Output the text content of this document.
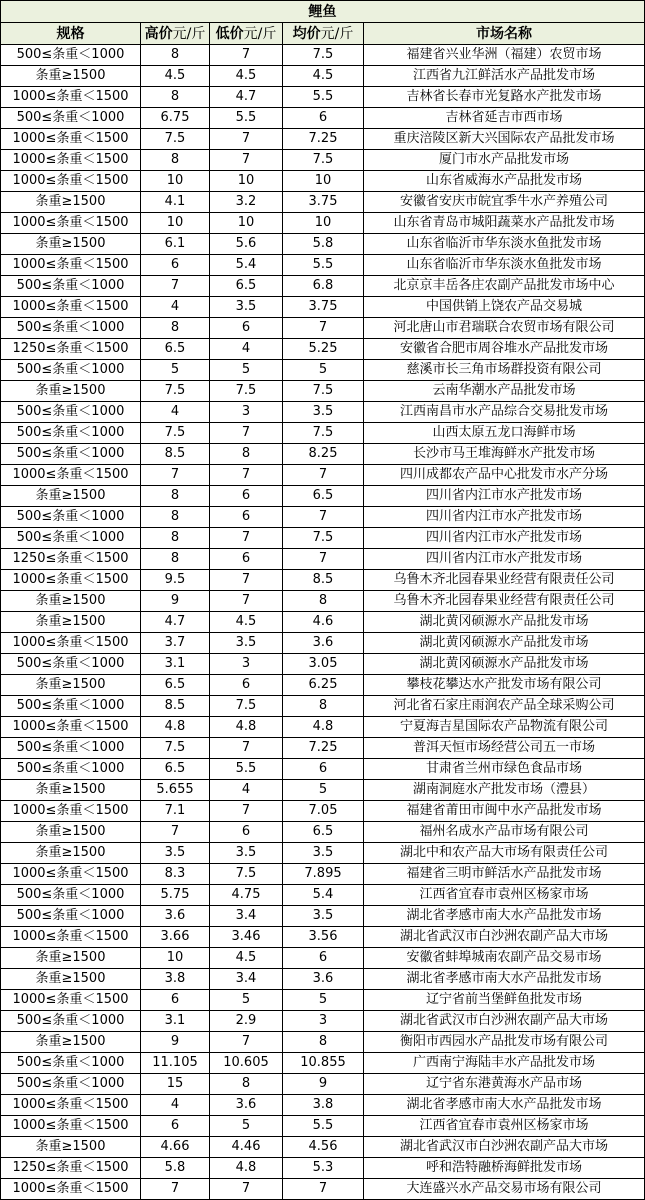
鲤鱼				
规格	高价元/斤	低价元/斤	均价元/斤	市场名称
500≤条重＜1000	8	7	7.5	福建省兴业华洲（福建）农贸市场
条重≥1500	4.5	4.5	4.5	江西省九江鲜活水产品批发市场
1000≤条重＜1500	8	4.7	5.5	吉林省长春市光复路水产批发市场
500≤条重＜1000	6.75	5.5	6	吉林省延吉市西市场
1000≤条重＜1500	7.5	7	7.25	重庆涪陵区新大兴国际农产品批发市场
1000≤条重＜1500	8	7	7.5	厦门市水产品批发市场
1000≤条重＜1500	10	10	10	山东省威海水产品批发市场
条重≥1500	4.1	3.2	3.75	安徽省安庆市皖宜季牛水产养殖公司
1000≤条重＜1500	10	10	10	山东省青岛市城阳蔬菜水产品批发市场
条重≥1500	6.1	5.6	5.8	山东省临沂市华东淡水鱼批发市场
1000≤条重＜1500	6	5.4	5.5	山东省临沂市华东淡水鱼批发市场
500≤条重＜1000	7	6.5	6.8	北京京丰岳各庄农副产品批发市场中心
1000≤条重＜1500	4	3.5	3.75	中国供销上饶农产品交易城
500≤条重＜1000	8	6	7	河北唐山市君瑞联合农贸市场有限公司
1250≤条重＜1500	6.5	4	5.25	安徽省合肥市周谷堆水产品批发市场
500≤条重＜1000	5	5	5	慈溪市长三角市场群投资有限公司
条重≥1500	7.5	7.5	7.5	云南华潮水产品批发市场
500≤条重＜1000	4	3	3.5	江西南昌市水产品综合交易批发市场
500≤条重＜1000	7.5	7	7.5	山西太原五龙口海鲜市场
500≤条重＜1000	8.5	8	8.25	长沙市马王堆海鲜水产批发市场
1000≤条重＜1500	7	7	7	四川成都农产品中心批发市水产分场
条重≥1500	8	6	6.5	四川省内江市水产批发市场
500≤条重＜1000	8	6	7	四川省内江市水产批发市场
500≤条重＜1000	8	7	7.5	四川省内江市水产批发市场
1250≤条重＜1500	8	6	7	四川省内江市水产批发市场
1000≤条重＜1500	9.5	7	8.5	乌鲁木齐北园春果业经营有限责任公司
条重≥1500	9	7	8	乌鲁木齐北园春果业经营有限责任公司
条重≥1500	4.7	4.5	4.6	湖北黄冈硕源水产品批发市场
1000≤条重＜1500	3.7	3.5	3.6	湖北黄冈硕源水产品批发市场
500≤条重＜1000	3.1	3	3.05	湖北黄冈硕源水产品批发市场
条重≥1500	6.5	6	6.25	攀枝花攀达水产批发市场有限公司
500≤条重＜1000	8.5	7.5	8	河北省石家庄雨润农产品全球采购公司
1000≤条重＜1500	4.8	4.8	4.8	宁夏海吉星国际农产品物流有限公司
500≤条重＜1000	7.5	7	7.25	普洱天恒市场经营公司五一市场
500≤条重＜1000	6.5	5.5	6	甘肃省兰州市绿色食品市场
条重≥1500	5.655	4	5	湖南洞庭水产批发市场（澧县）
1000≤条重＜1500	7.1	7	7.05	福建省莆田市闽中水产品批发市场
条重≥1500	7	6	6.5	福州名成水产品市场有限公司
条重≥1500	3.5	3.5	3.5	湖北中和农产品大市场有限责任公司
1000≤条重＜1500	8.3	7.5	7.895	福建省三明市鲜活水产品批发市场
500≤条重＜1000	5.75	4.75	5.4	江西省宜春市袁州区杨家市场
500≤条重＜1000	3.6	3.4	3.5	湖北省孝感市南大水产品批发市场
1000≤条重＜1500	3.66	3.46	3.56	湖北省武汉市白沙洲农副产品大市场
条重≥1500	10	4.5	6	安徽省蚌埠城南农副产品交易市场
条重≥1500	3.8	3.4	3.6	湖北省孝感市南大水产品批发市场
1000≤条重＜1500	6	5	5	辽宁省前当堡鲜鱼批发市场
500≤条重＜1000	3.1	2.9	3	湖北省武汉市白沙洲农副产品大市场
条重≥1500	9	7	8	衡阳市西园水产品批发市场有限公司
500≤条重＜1000	11.105	10.605	10.855	广西南宁海陆丰水产品批发市场
500≤条重＜1000	15	8	9	辽宁省东港黄海水产品市场
1000≤条重＜1500	4	3.6	3.8	湖北省孝感市南大水产品批发市场
1000≤条重＜1500	6	5	5.5	江西省宜春市袁州区杨家市场
条重≥1500	4.66	4.46	4.56	湖北省武汉市白沙洲农副产品大市场
1250≤条重＜1500	5.8	4.8	5.3	呼和浩特融桥海鲜批发市场
1000≤条重＜1500	7	7	7	大连盛兴水产品交易市场有限公司
